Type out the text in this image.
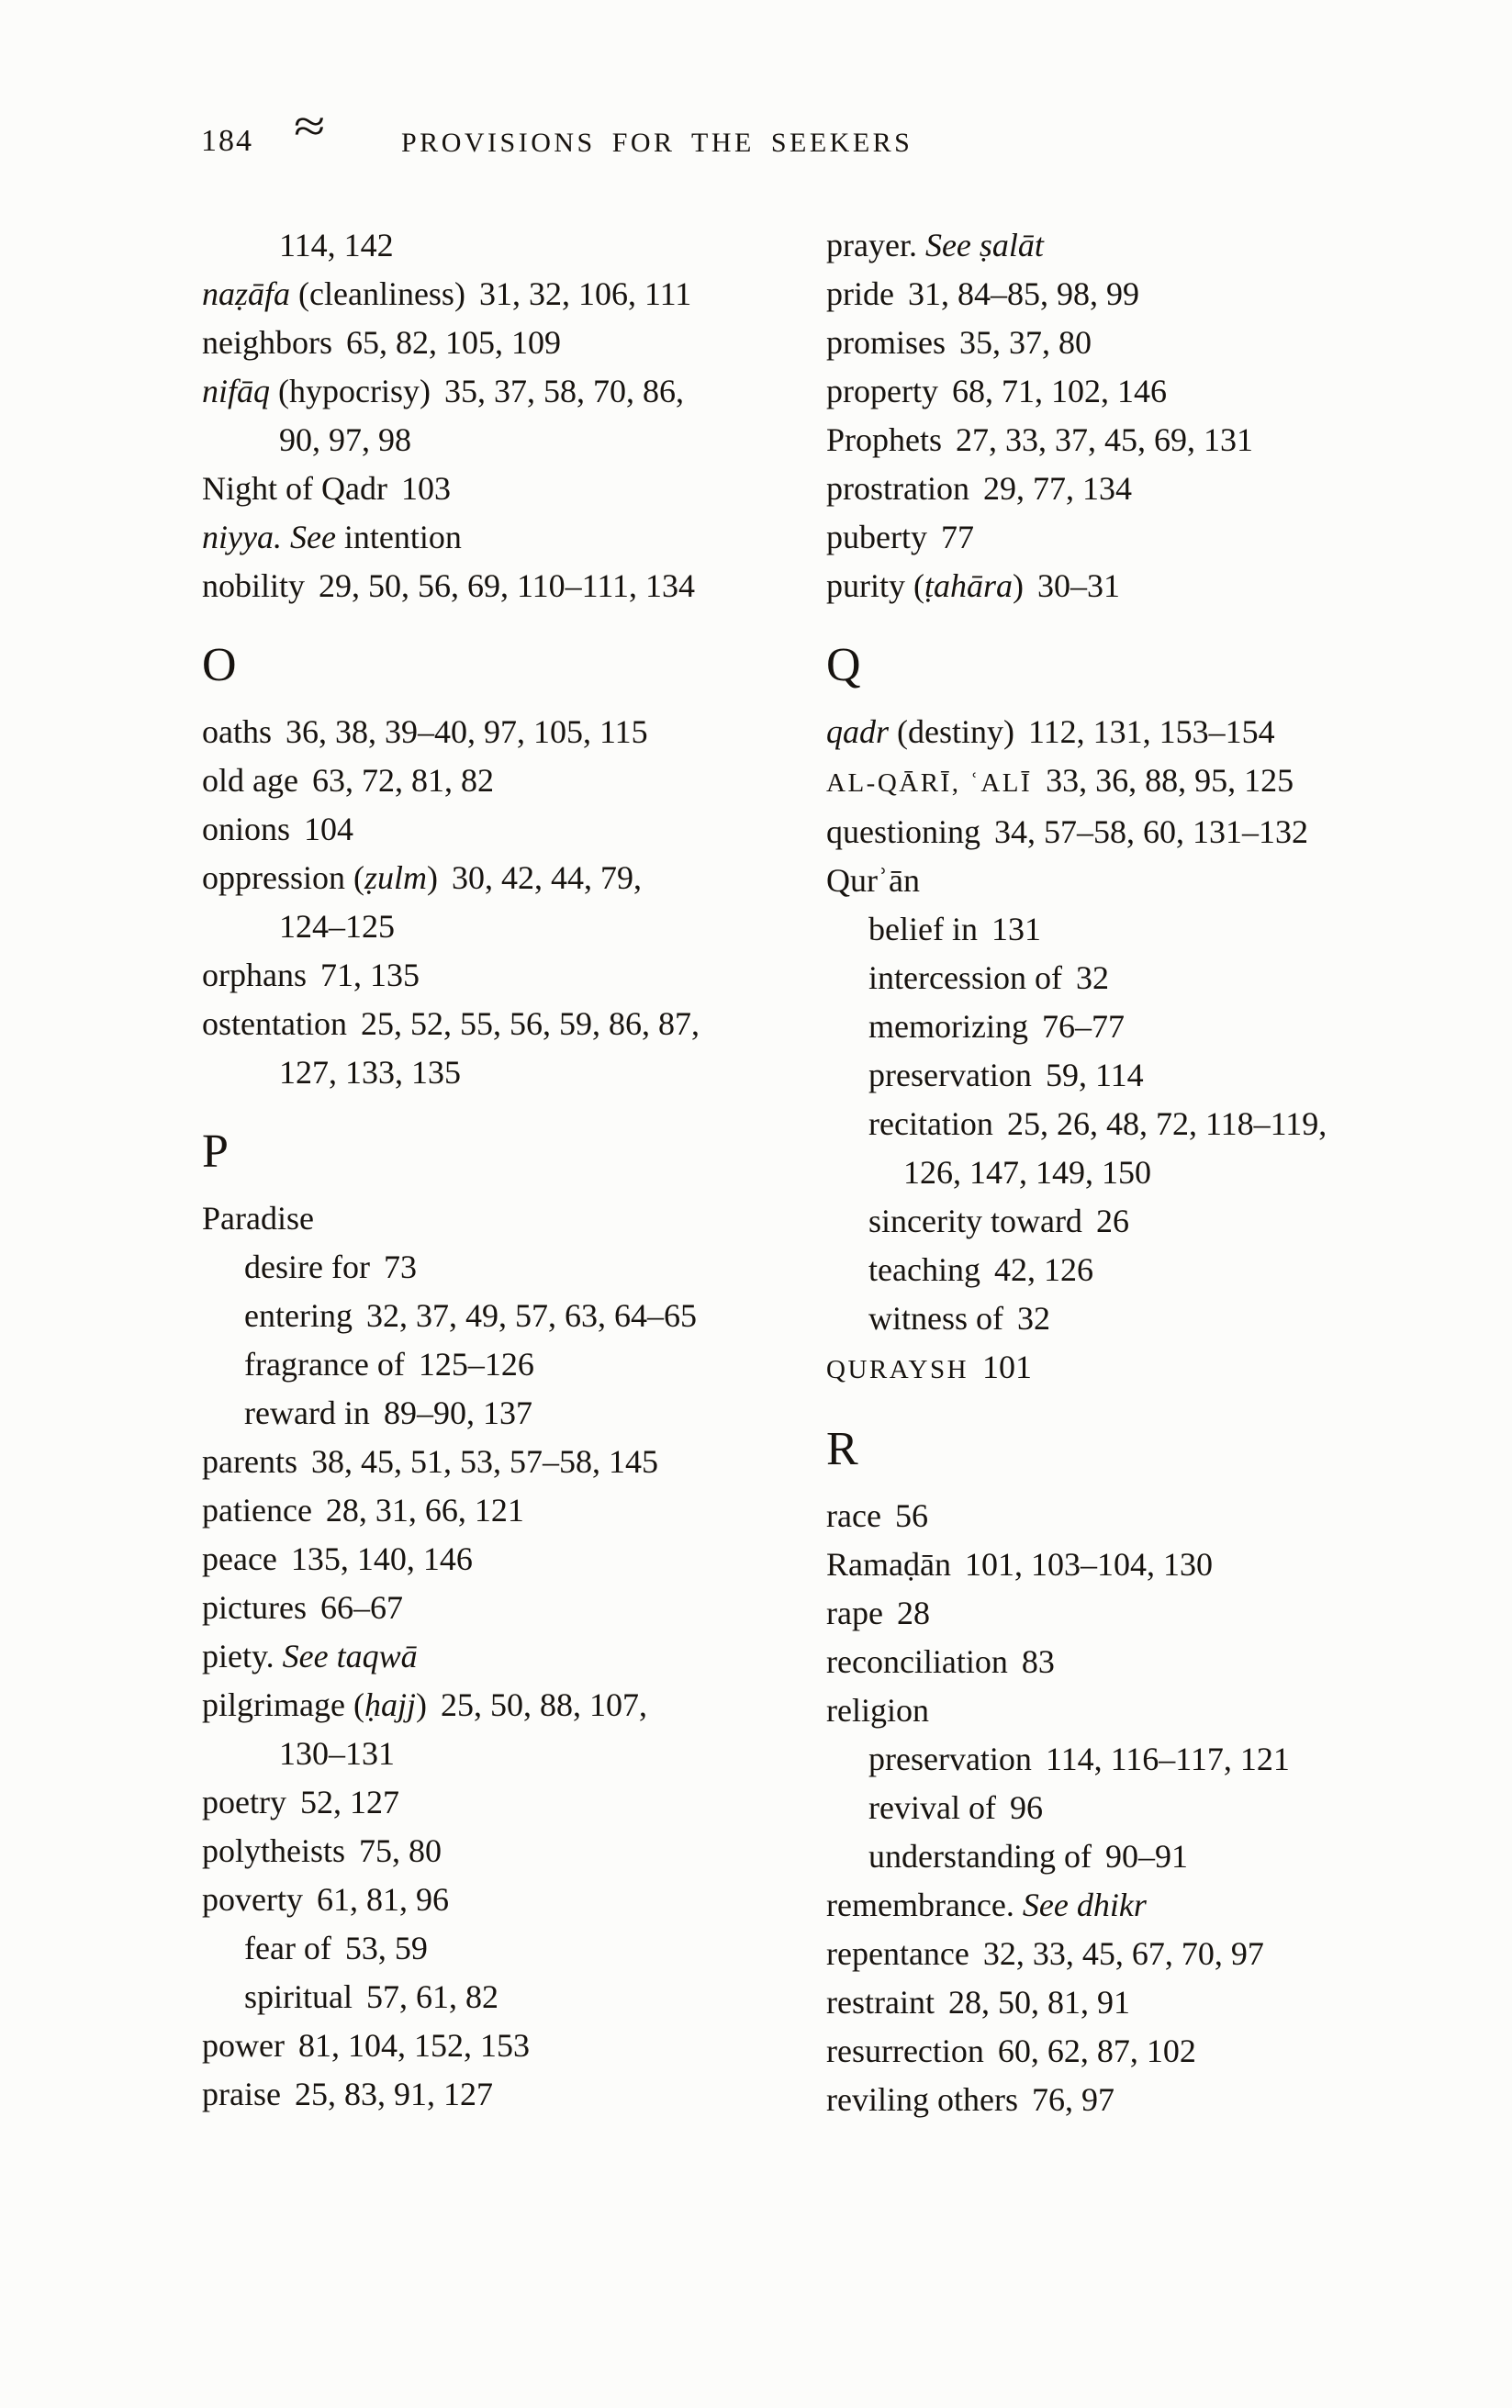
184 ≈	PROVISIONS FOR THE SEEKERS
114, 142
naẓāfa (cleanliness) 31, 32, 106, 111
neighbors 65, 82, 105, 109
nifāq (hypocrisy) 35, 37, 58, 70, 86,
90, 97, 98
Night of Qadr 103
niyya. See intention
nobility 29, 50, 56, 69, 110–111, 134
O
oaths 36, 38, 39–40, 97, 105, 115
old age 63, 72, 81, 82
onions 104
oppression (ẓulm) 30, 42, 44, 79,
124–125
orphans 71, 135
ostentation 25, 52, 55, 56, 59, 86, 87,
127, 133, 135
P
Paradise
desire for 73
entering 32, 37, 49, 57, 63, 64–65
fragrance of 125–126
reward in 89–90, 137
parents 38, 45, 51, 53, 57–58, 145
patience 28, 31, 66, 121
peace 135, 140, 146
pictures 66–67
piety. See taqwā
pilgrimage (ḥajj) 25, 50, 88, 107,
130–131
poetry 52, 127
polytheists 75, 80
poverty 61, 81, 96
fear of 53, 59
spiritual 57, 61, 82
power 81, 104, 152, 153
praise 25, 83, 91, 127
prayer. See ṣalāt
pride 31, 84–85, 98, 99
promises 35, 37, 80
property 68, 71, 102, 146
Prophets 27, 33, 37, 45, 69, 131
prostration 29, 77, 134
puberty 77
purity (ṭahāra) 30–31
Q
qadr (destiny) 112, 131, 153–154
AL-QĀRĪ, ʿALĪ 33, 36, 88, 95, 125
questioning 34, 57–58, 60, 131–132
Qurʾān
belief in 131
intercession of 32
memorizing 76–77
preservation 59, 114
recitation 25, 26, 48, 72, 118–119,
126, 147, 149, 150
sincerity toward 26
teaching 42, 126
witness of 32
QURAYSH 101
R
race 56
Ramaḍān 101, 103–104, 130
rape 28
reconciliation 83
religion
preservation 114, 116–117, 121
revival of 96
understanding of 90–91
remembrance. See dhikr
repentance 32, 33, 45, 67, 70, 97
restraint 28, 50, 81, 91
resurrection 60, 62, 87, 102
reviling others 76, 97
